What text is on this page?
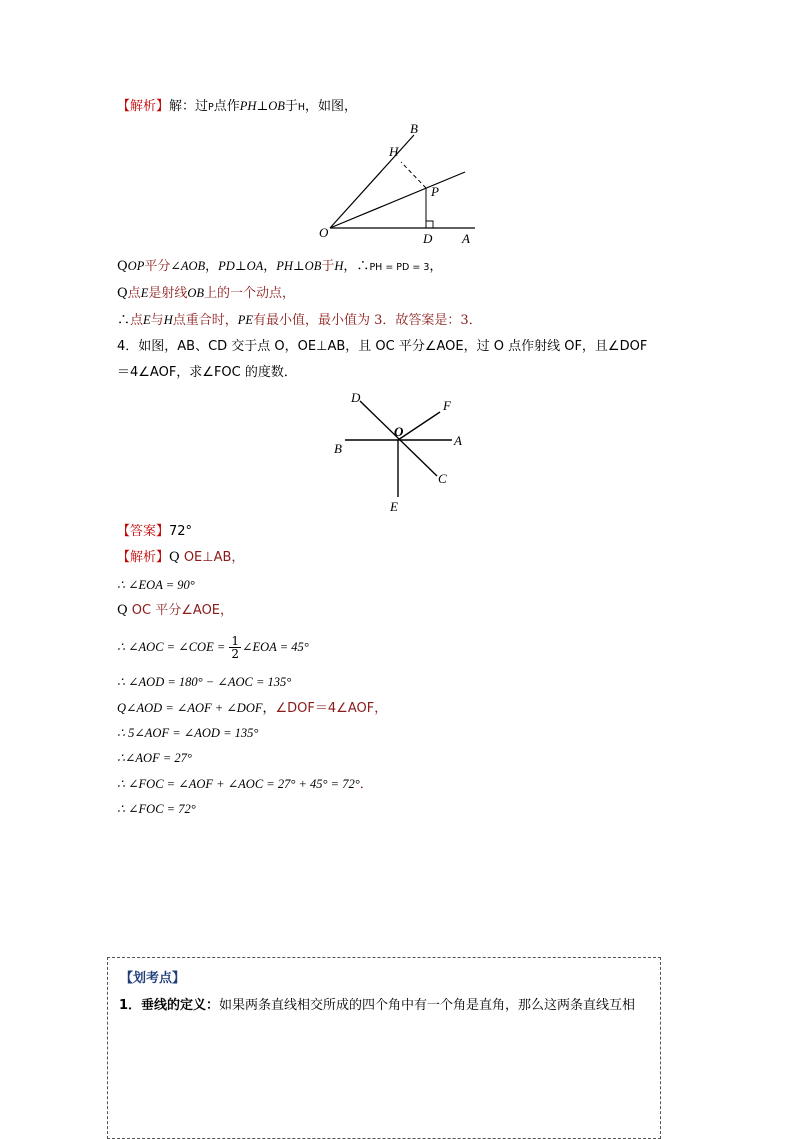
【解析】解：过P点作PH⊥OB于H，如图，
B
H
P
O	D A
QOP平分∠AOB，PD⊥OA，PH⊥OB于H，∴PH = PD = 3，
Q点E是射线OB上的一个动点，
∴点E与H点重合时，PE有最小值，最小值为 3．故答案是：3．
4．如图，AB、CD 交于点 O，OE⊥AB，且 OC 平分∠AOE，过 O 点作射线 OF，且∠DOF
＝4∠AOF，求∠FOC 的度数．
D
F
O
A
B
C
E
【答案】72°
【解析】Q OE⊥AB，
∴ ∠EOA = 90°
Q OC 平分∠AOE，
∴ ∠AOC = ∠COE = $\frac{1}{2}$ ∠EOA = 45°
∴ ∠AOD = 180° − ∠AOC = 135°
Q∠AOD = ∠AOF + ∠DOF，∠DOF＝4∠AOF，
∴ 5∠AOF = ∠AOD = 135°
∴∠AOF = 27°
∴ ∠FOC = ∠AOF + ∠AOC = 27° + 45° = 72°．
∴ ∠FOC = 72°
【划考点】
1．垂线的定义：如果两条直线相交所成的四个角中有一个角是直角，那么这两条直线互相
